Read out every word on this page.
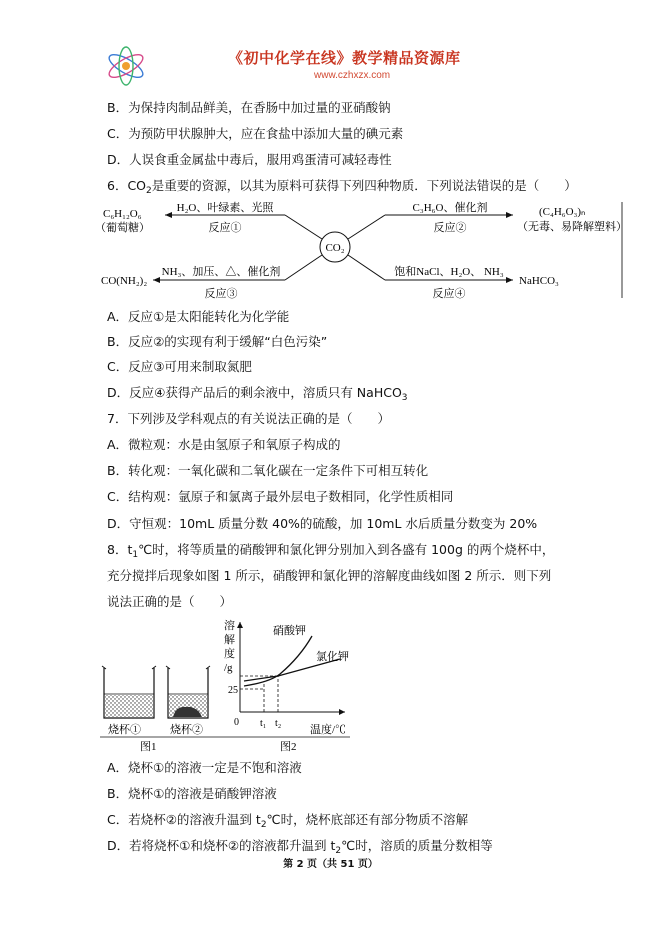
《初中化学在线》教学精品资源库
www.czhxzx.com
B．为保持肉制品鲜美，在香肠中加过量的亚硝酸钠
C．为预防甲状腺肿大，应在食盐中添加大量的碘元素
D．人误食重金属盐中毒后，服用鸡蛋清可减轻毒性
6．$CO_2$是重要的资源，以其为原料可获得下列四种物质．下列说法错误的是（　　）
CO₂
C₆H₁₂O₆
（葡萄糖）
H₂O、叶绿素、光照
反应①
(C₄H₆O₃)ₙ
（无毒、易降解塑料）
C₃H₆O、催化剂
反应②
CO(NH₂)₂
NH₃、加压、△、催化剂
反应③
NaHCO₃
饱和NaCl、H₂O、 NH₃
反应④
A．反应①是太阳能转化为化学能
B．反应②的实现有利于缓解“白色污染”
C．反应③可用来制取氮肥
D．反应④获得产品后的剩余液中，溶质只有 NaHCO$_3$
7．下列涉及学科观点的有关说法正确的是（　　）
A．微粒观：水是由氢原子和氧原子构成的
B．转化观：一氧化碳和二氧化碳在一定条件下可相互转化
C．结构观：氩原子和氯离子最外层电子数相同，化学性质相同
D．守恒观：10mL 质量分数 40%的硫酸，加 10mL 水后质量分数变为 20%
8．$t_1℃$时，将等质量的硝酸钾和氯化钾分别加入到各盛有 100g 的两个烧杯中，
充分搅拌后现象如图 1 所示，硝酸钾和氯化钾的溶解度曲线如图 2 所示．则下列
说法正确的是（　　）
烧杯①	烧杯②
图1	图2
溶
解
度
/g
0
25
t₁ t₂
温度/℃
硝酸钾
氯化钾
A．烧杯①的溶液一定是不饱和溶液
B．烧杯①的溶液是硝酸钾溶液
C．若烧杯②的溶液升温到 $t_2℃$时，烧杯底部还有部分物质不溶解
D．若将烧杯①和烧杯②的溶液都升温到 $t_2℃$时，溶质的质量分数相等
第 2 页（共 51 页）
